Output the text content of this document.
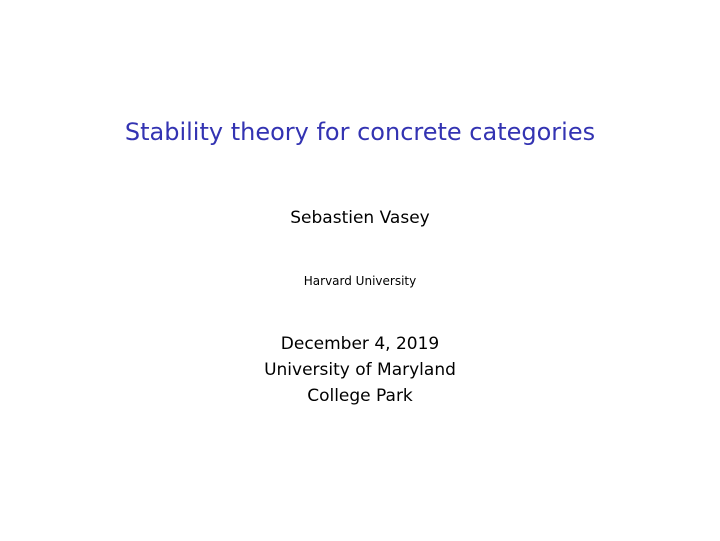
Stability theory for concrete categories
Sebastien Vasey
Harvard University
December 4, 2019
University of Maryland
College Park
